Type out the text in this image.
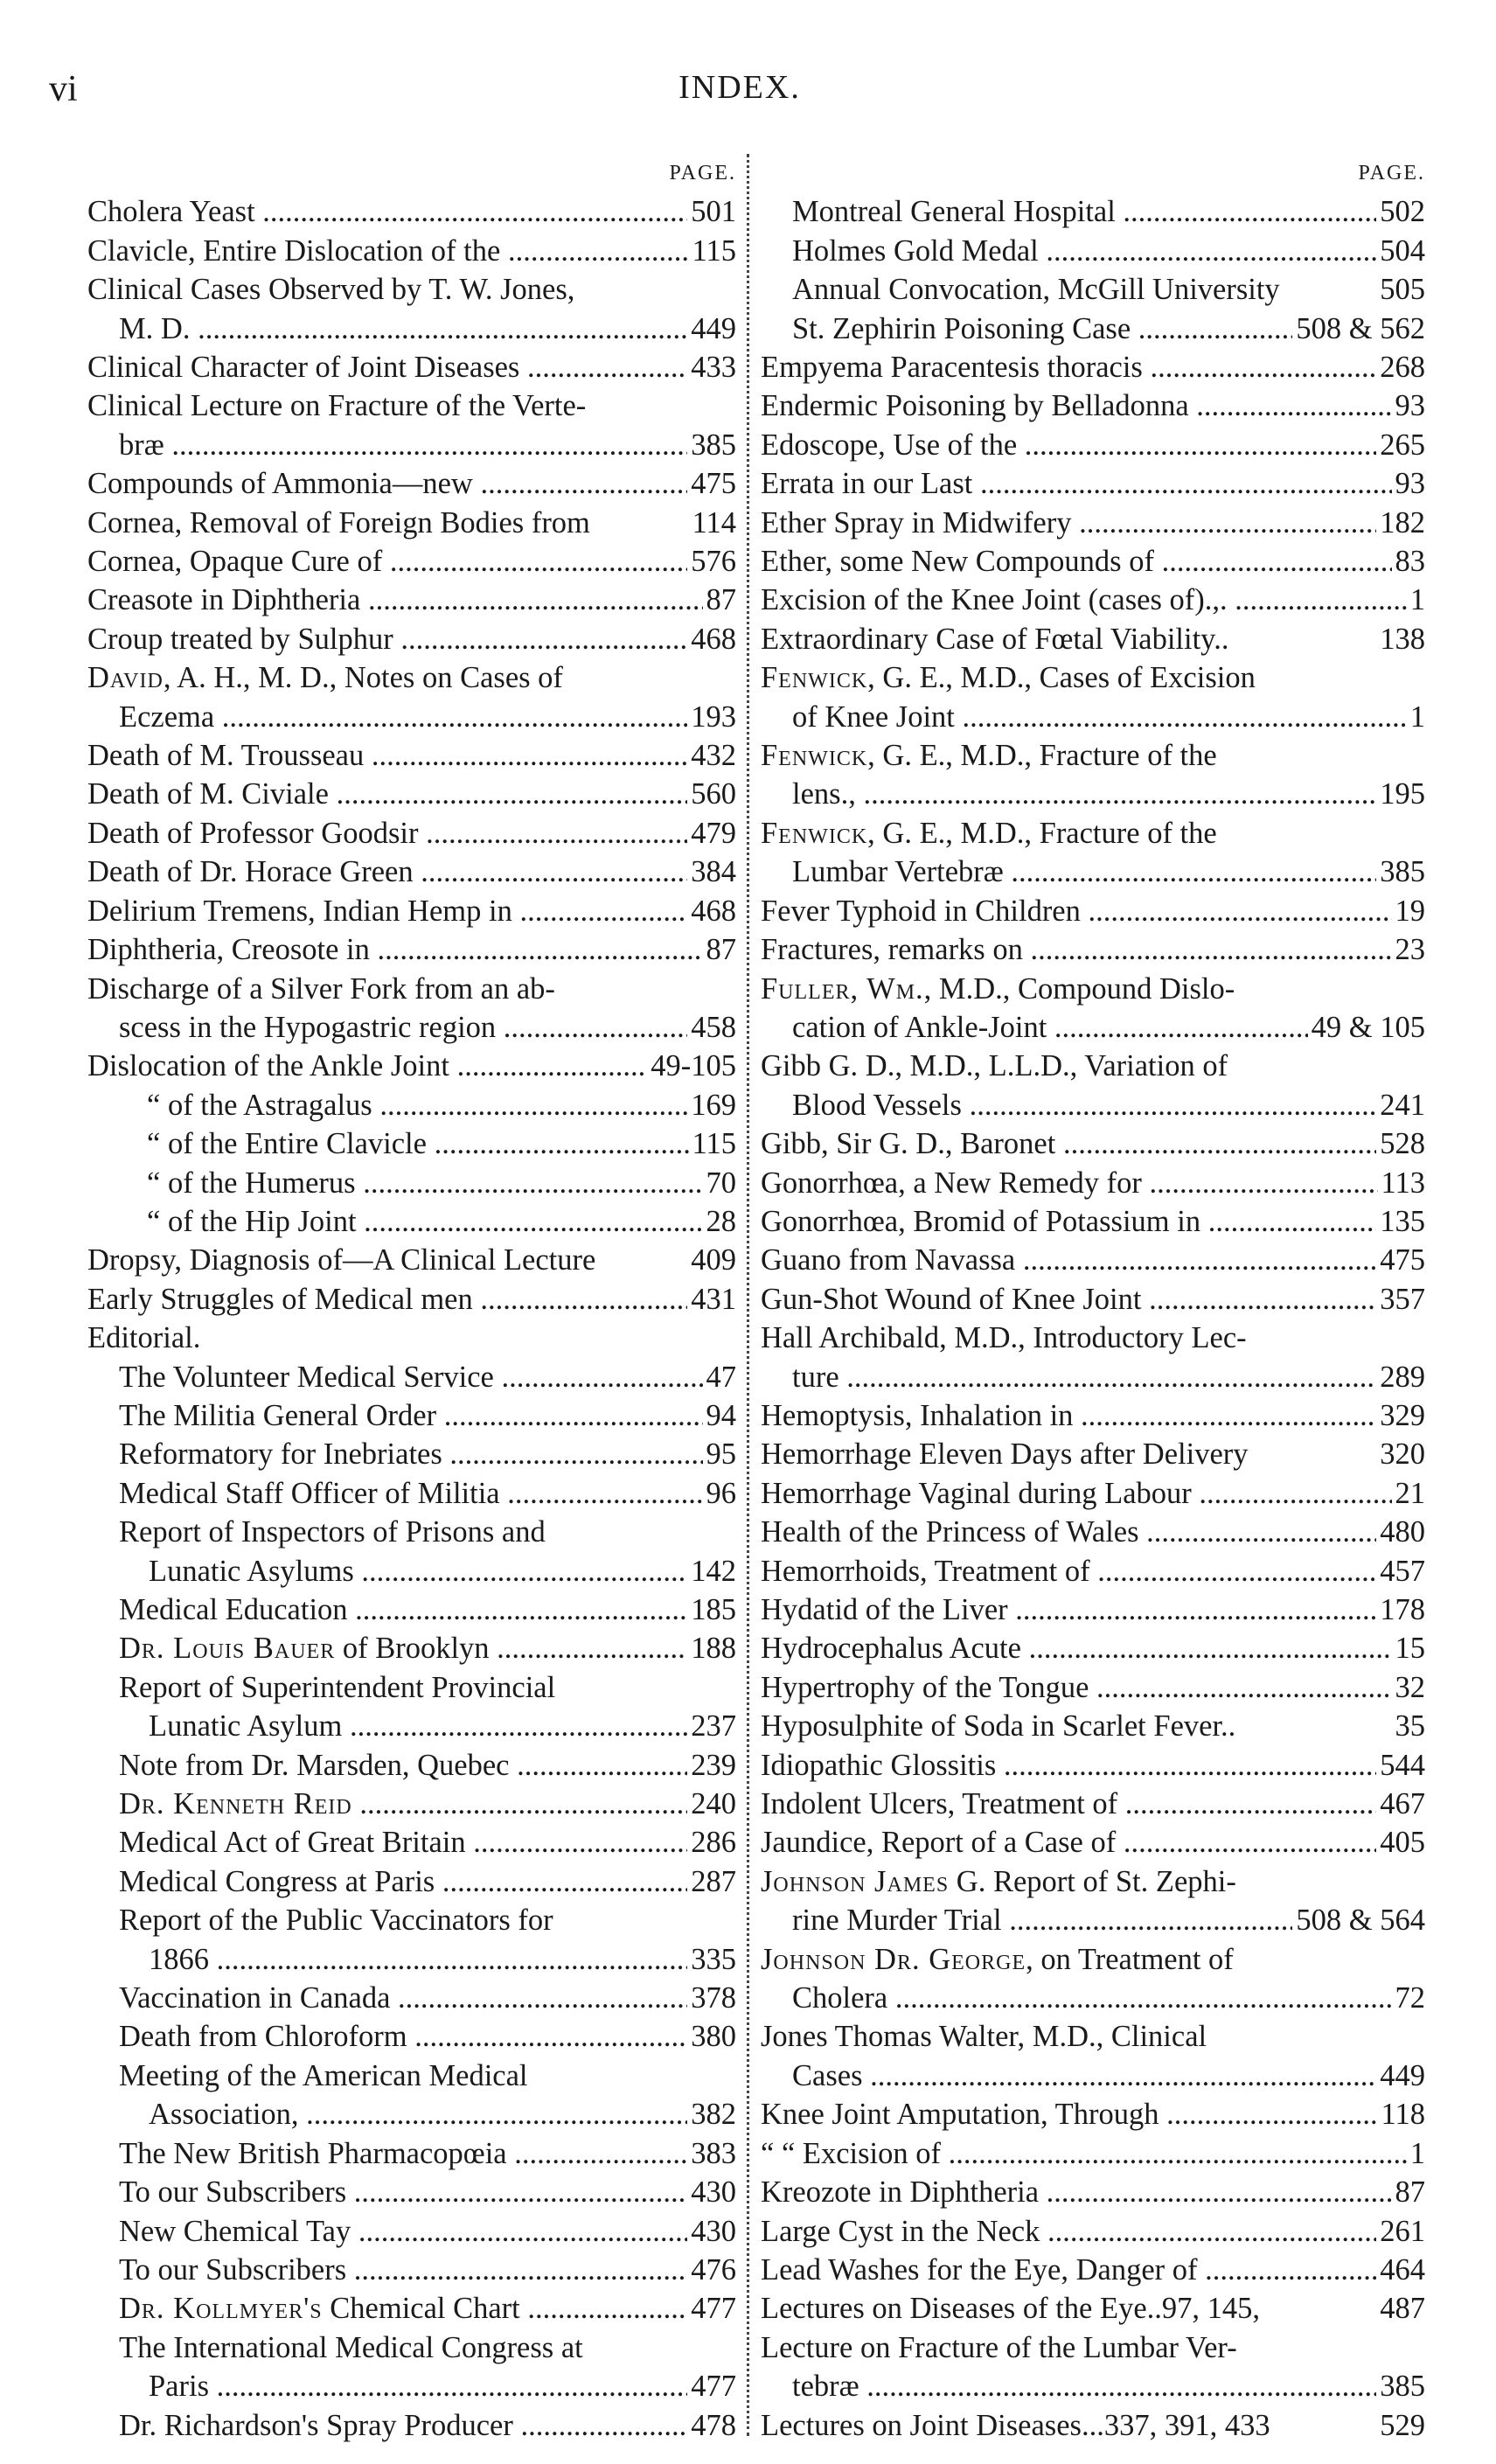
vi	INDEX.
PAGE.
Cholera Yeast .....	501
Clavicle, Entire Dislocation of the .....	115
Clinical Cases Observed by T. W. Jones,
M. D. .....	449
Clinical Character of Joint Diseases .....	433
Clinical Lecture on Fracture of the Verte-
bræ .....	385
Compounds of Ammonia—new .....	475
Cornea, Removal of Foreign Bodies from	114
Cornea, Opaque Cure of .....	576
Creasote in Diphtheria .....	87
Croup treated by Sulphur .....	468
David, A. H., M. D., Notes on Cases of
Eczema .....	193
Death of M. Trousseau .....	432
Death of M. Civiale .....	560
Death of Professor Goodsir .....	479
Death of Dr. Horace Green .....	384
Delirium Tremens, Indian Hemp in .....	468
Diphtheria, Creosote in .....	87
Discharge of a Silver Fork from an ab-
scess in the Hypogastric region .....	458
Dislocation of the Ankle Joint .....	49-105
“ of the Astragalus .....	169
“ of the Entire Clavicle .....	115
“ of the Humerus .....	70
“ of the Hip Joint .....	28
Dropsy, Diagnosis of—A Clinical Lecture	409
Early Struggles of Medical men .....	431
Editorial.
The Volunteer Medical Service .....	47
The Militia General Order .....	94
Reformatory for Inebriates .....	95
Medical Staff Officer of Militia .....	96
Report of Inspectors of Prisons and
Lunatic Asylums .....	142
Medical Education .....	185
Dr. Louis Bauer of Brooklyn .....	188
Report of Superintendent Provincial
Lunatic Asylum .....	237
Note from Dr. Marsden, Quebec .....	239
Dr. Kenneth Reid .....	240
Medical Act of Great Britain .....	286
Medical Congress at Paris .....	287
Report of the Public Vaccinators for
1866 .....	335
Vaccination in Canada .....	378
Death from Chloroform .....	380
Meeting of the American Medical
Association, .....	382
The New British Pharmacopœia .....	383
To our Subscribers .....	430
New Chemical Tay .....	430
To our Subscribers .....	476
Dr. Kollmyer's Chemical Chart .....	477
The International Medical Congress at
Paris .....	477
Dr. Richardson's Spray Producer .....	478
PAGE.
Montreal General Hospital .....	502
Holmes Gold Medal .....	504
Annual Convocation, McGill University	505
St. Zephirin Poisoning Case .....	508 & 562
Empyema Paracentesis thoracis .....	268
Endermic Poisoning by Belladonna .....	93
Edoscope, Use of the .....	265
Errata in our Last .....	93
Ether Spray in Midwifery .....	182
Ether, some New Compounds of .....	83
Excision of the Knee Joint (cases of).,. .....	1
Extraordinary Case of Fœtal Viability..	138
Fenwick, G. E., M.D., Cases of Excision
of Knee Joint .....	1
Fenwick, G. E., M.D., Fracture of the
lens., .....	195
Fenwick, G. E., M.D., Fracture of the
Lumbar Vertebræ .....	385
Fever Typhoid in Children .....	19
Fractures, remarks on .....	23
Fuller, Wm., M.D., Compound Dislo-
cation of Ankle-Joint .....	49 & 105
Gibb G. D., M.D., L.L.D., Variation of
Blood Vessels .....	241
Gibb, Sir G. D., Baronet .....	528
Gonorrhœa, a New Remedy for .....	113
Gonorrhœa, Bromid of Potassium in .....	135
Guano from Navassa .....	475
Gun-Shot Wound of Knee Joint .....	357
Hall Archibald, M.D., Introductory Lec-
ture .....	289
Hemoptysis, Inhalation in .....	329
Hemorrhage Eleven Days after Delivery	320
Hemorrhage Vaginal during Labour .....	21
Health of the Princess of Wales .....	480
Hemorrhoids, Treatment of .....	457
Hydatid of the Liver .....	178
Hydrocephalus Acute .....	15
Hypertrophy of the Tongue .....	32
Hyposulphite of Soda in Scarlet Fever..	35
Idiopathic Glossitis .....	544
Indolent Ulcers, Treatment of .....	467
Jaundice, Report of a Case of .....	405
Johnson James G. Report of St. Zephi-
rine Murder Trial .....	508 & 564
Johnson Dr. George, on Treatment of
Cholera .....	72
Jones Thomas Walter, M.D., Clinical
Cases .....	449
Knee Joint Amputation, Through .....	118
“ “ Excision of .....	1
Kreozote in Diphtheria .....	87
Large Cyst in the Neck .....	261
Lead Washes for the Eye, Danger of .....	464
Lectures on Diseases of the Eye..97, 145,	487
Lecture on Fracture of the Lumbar Ver-
tebræ .....	385
Lectures on Joint Diseases...337, 391, 433	529
